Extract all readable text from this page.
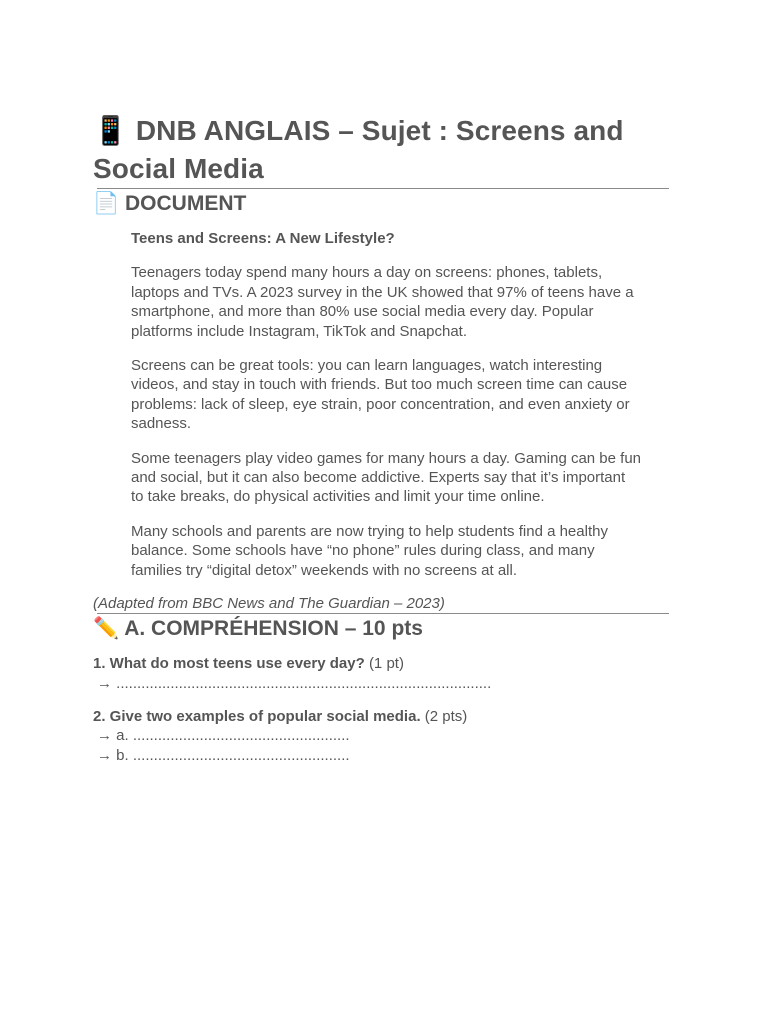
📱 DNB ANGLAIS – Sujet : Screens and Social Media
📄 DOCUMENT
Teens and Screens: A New Lifestyle?

Teenagers today spend many hours a day on screens: phones, tablets, laptops and TVs. A 2023 survey in the UK showed that 97% of teens have a smartphone, and more than 80% use social media every day. Popular platforms include Instagram, TikTok and Snapchat.

Screens can be great tools: you can learn languages, watch interesting videos, and stay in touch with friends. But too much screen time can cause problems: lack of sleep, eye strain, poor concentration, and even anxiety or sadness.

Some teenagers play video games for many hours a day. Gaming can be fun and social, but it can also become addictive. Experts say that it’s important to take breaks, do physical activities and limit your time online.

Many schools and parents are now trying to help students find a healthy balance. Some schools have “no phone” rules during class, and many families try “digital detox” weekends with no screens at all.

(Adapted from BBC News and The Guardian – 2023)
✏️ A. COMPRÉHENSION – 10 pts
1. What do most teens use every day? (1 pt)
→ ..........................................................................................
2. Give two examples of popular social media. (2 pts)
→ a. ....................................................
→ b. ....................................................
